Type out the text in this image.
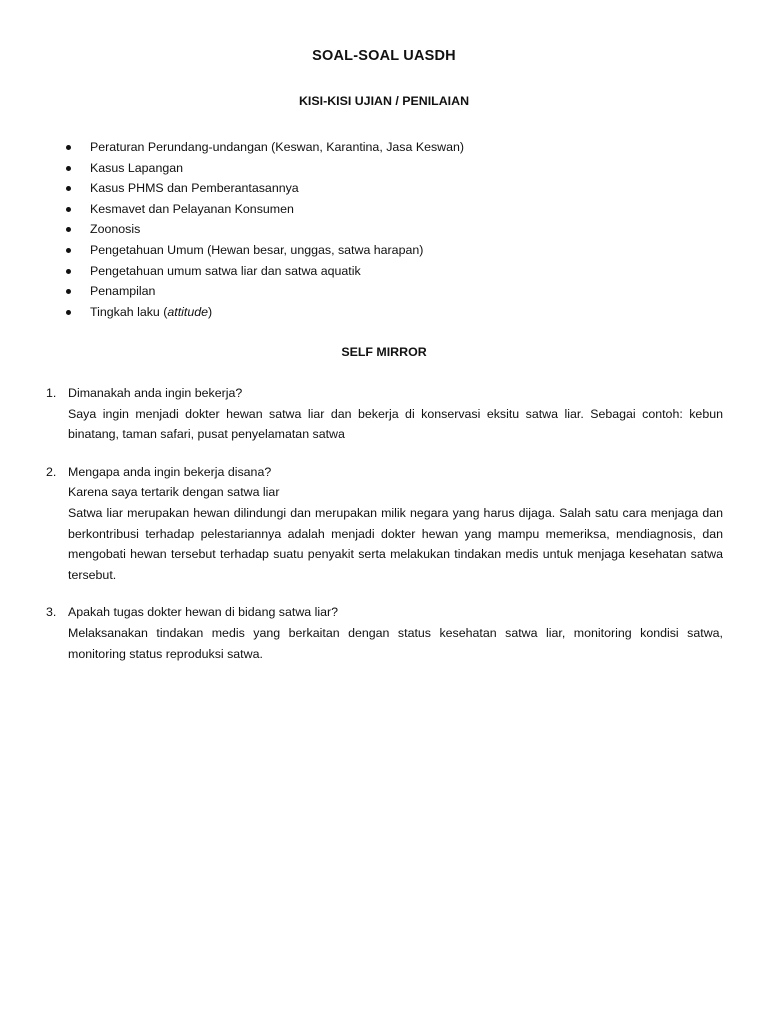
SOAL-SOAL UASDH
KISI-KISI UJIAN / PENILAIAN
Peraturan Perundang-undangan (Keswan, Karantina, Jasa Keswan)
Kasus Lapangan
Kasus PHMS dan Pemberantasannya
Kesmavet dan Pelayanan Konsumen
Zoonosis
Pengetahuan Umum (Hewan besar, unggas, satwa harapan)
Pengetahuan umum satwa liar dan satwa aquatik
Penampilan
Tingkah laku (attitude)
SELF MIRROR
1. Dimanakah anda ingin bekerja?
Saya ingin menjadi dokter hewan satwa liar dan bekerja di konservasi eksitu satwa liar. Sebagai contoh: kebun binatang, taman safari, pusat penyelamatan satwa
2. Mengapa anda ingin bekerja disana?
Karena saya tertarik dengan satwa liar
Satwa liar merupakan hewan dilindungi dan merupakan milik negara yang harus dijaga. Salah satu cara menjaga dan berkontribusi terhadap pelestariannya adalah menjadi dokter hewan yang mampu memeriksa, mendiagnosis, dan mengobati hewan tersebut terhadap suatu penyakit serta melakukan tindakan medis untuk menjaga kesehatan satwa tersebut.
3. Apakah tugas dokter hewan di bidang satwa liar?
Melaksanakan tindakan medis yang berkaitan dengan status kesehatan satwa liar, monitoring kondisi satwa, monitoring status reproduksi satwa.
